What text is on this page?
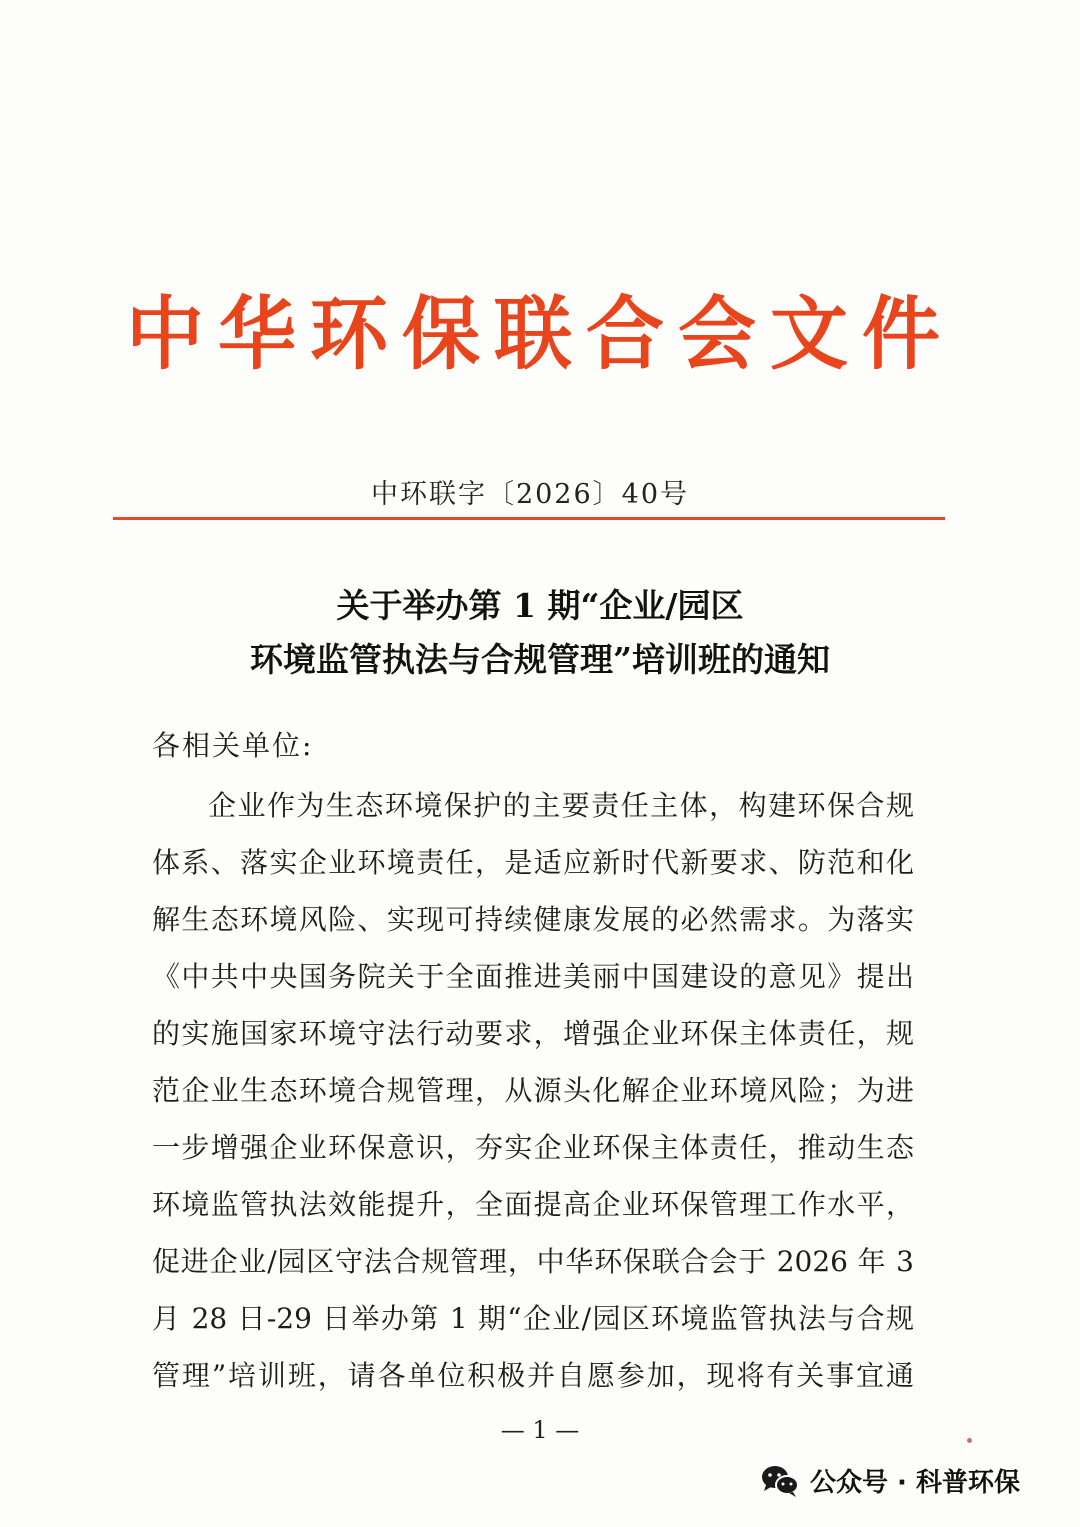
中华环保联合会文件
中环联字〔2026〕40号
关于举办第 1 期“企业/园区
环境监管执法与合规管理”培训班的通知
各相关单位:
企业作为生态环境保护的主要责任主体，构建环保合规
体系、落实企业环境责任，是适应新时代新要求、防范和化
解生态环境风险、实现可持续健康发展的必然需求。为落实
《中共中央国务院关于全面推进美丽中国建设的意见》提出
的实施国家环境守法行动要求，增强企业环保主体责任，规
范企业生态环境合规管理，从源头化解企业环境风险；为进
一步增强企业环保意识，夯实企业环保主体责任，推动生态
环境监管执法效能提升，全面提高企业环保管理工作水平，
促进企业/园区守法合规管理，中华环保联合会于 2026 年 3
月 28 日-29 日举办第 1 期“企业/园区环境监管执法与合规
管理”培训班，请各单位积极并自愿参加，现将有关事宜通
— 1 —
公众号 · 科普环保
